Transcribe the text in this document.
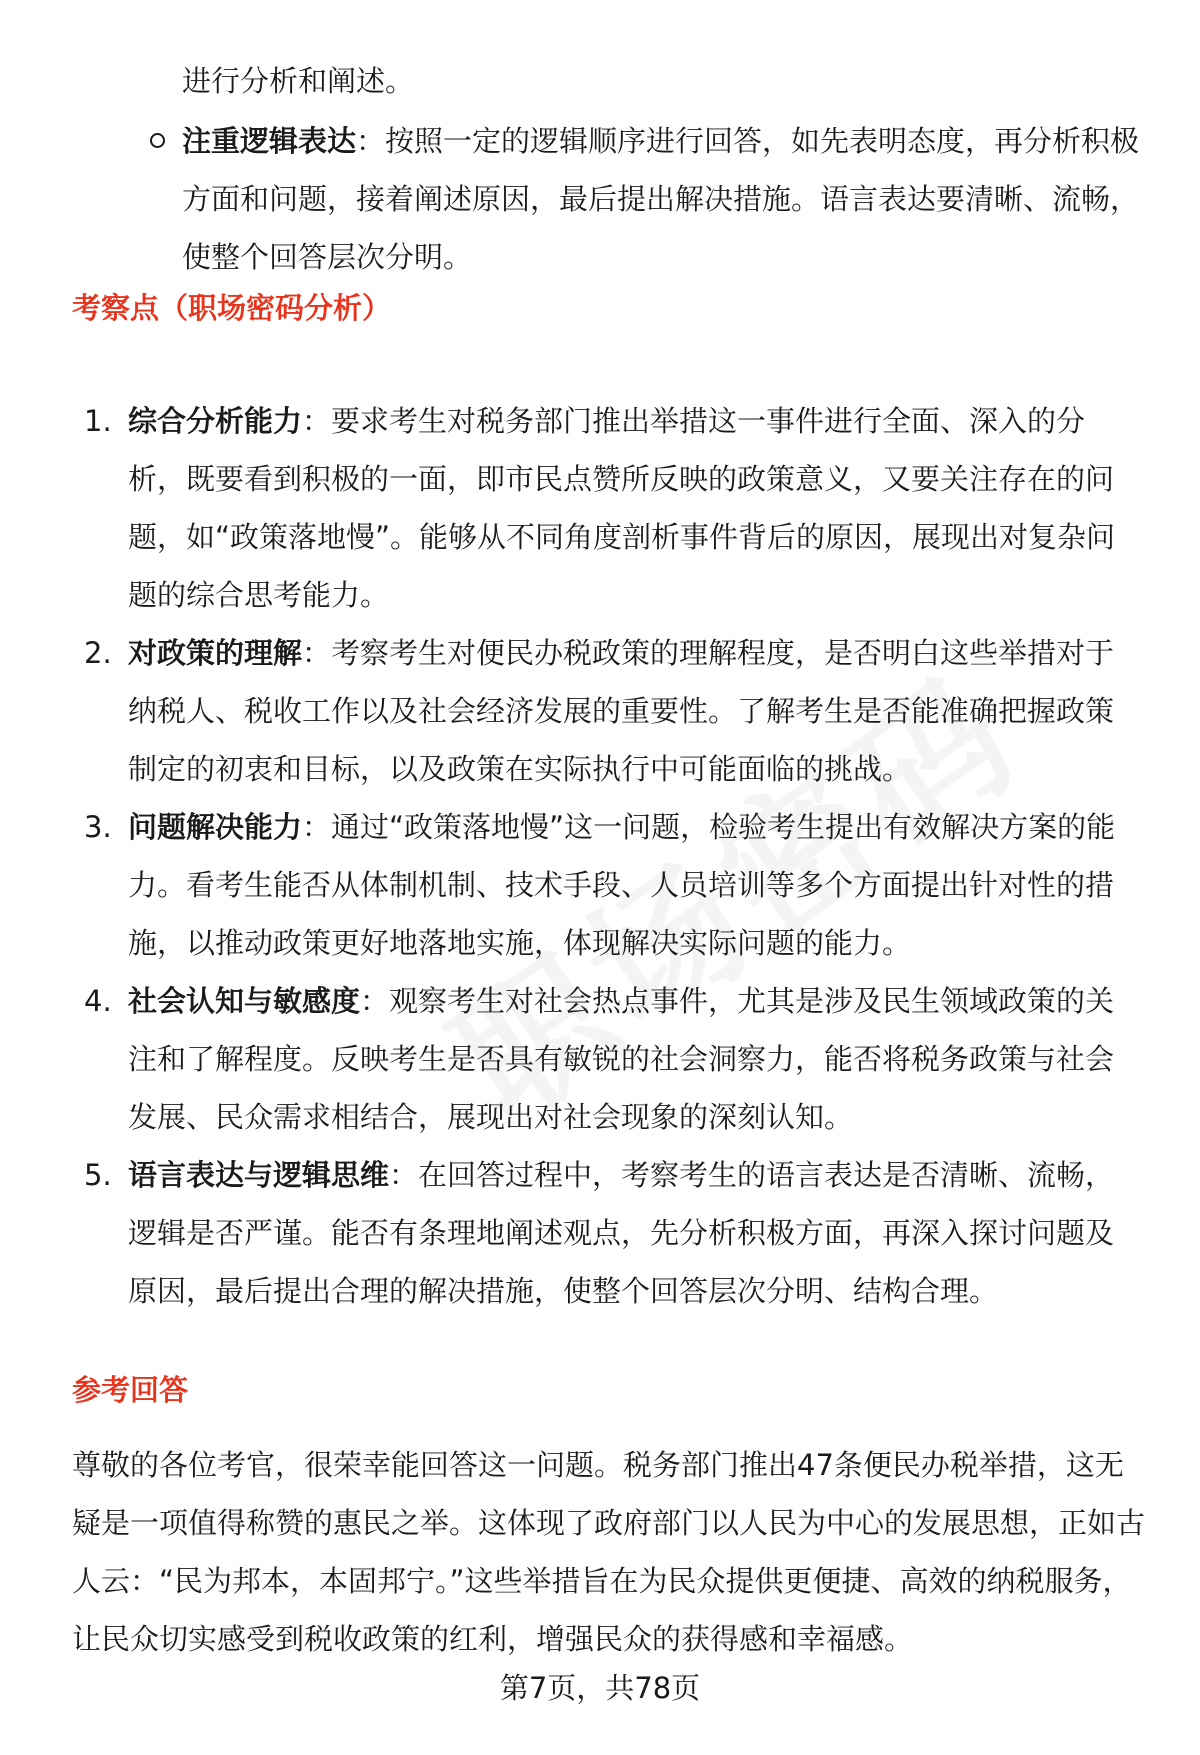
进行分析和阐述。

注重逻辑表达：按照一定的逻辑顺序进行回答，如先表明态度，再分析积极方面和问题，接着阐述原因，最后提出解决措施。语言表达要清晰、流畅，使整个回答层次分明。

考察点（职场密码分析）
1. 综合分析能力：要求考生对税务部门推出举措这一事件进行全面、深入的分析，既要看到积极的一面，即市民点赞所反映的政策意义，又要关注存在的问题，如“政策落地慢”。能够从不同角度剖析事件背后的原因，展现出对复杂问题的综合思考能力。

2. 对政策的理解：考察考生对便民办税政策的理解程度，是否明白这些举措对于纳税人、税收工作以及社会经济发展的重要性。了解考生是否能准确把握政策制定的初衷和目标，以及政策在实际执行中可能面临的挑战。

3. 问题解决能力：通过“政策落地慢”这一问题，检验考生提出有效解决方案的能力。看考生能否从体制机制、技术手段、人员培训等多个方面提出针对性的措施，以推动政策更好地落地实施，体现解决实际问题的能力。

4. 社会认知与敏感度：观察考生对社会热点事件，尤其是涉及民生领域政策的关注和了解程度。反映考生是否具有敏锐的社会洞察力，能否将税务政策与社会发展、民众需求相结合，展现出对社会现象的深刻认知。

5. 语言表达与逻辑思维：在回答过程中，考察考生的语言表达是否清晰、流畅，逻辑是否严谨。能否有条理地阐述观点，先分析积极方面，再深入探讨问题及原因，最后提出合理的解决措施，使整个回答层次分明、结构合理。

参考回答

尊敬的各位考官，很荣幸能回答这一问题。税务部门推出47条便民办税举措，这无疑是一项值得称赞的惠民之举。这体现了政府部门以人民为中心的发展思想，正如古人云：“民为邦本，本固邦宁。”这些举措旨在为民众提供更便捷、高效的纳税服务，让民众切实感受到税收政策的红利，增强民众的获得感和幸福感。

第7页，共78页
